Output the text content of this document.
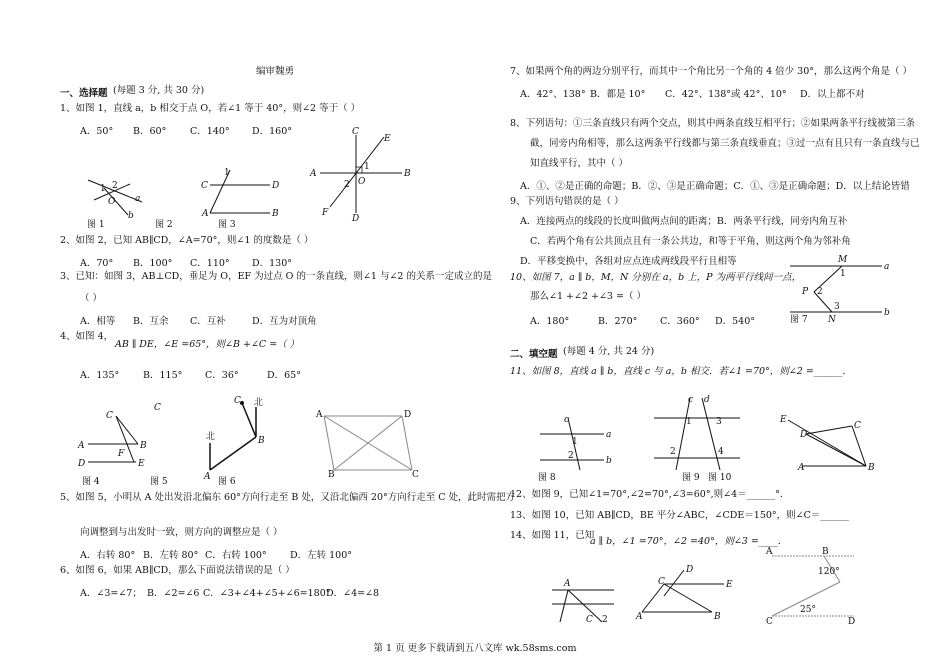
编审魏勇
一、选择题 (每题 3 分, 共 30 分)
1、如图 1，直线 a，b 相交于点 O，若∠1 等于 40°，则∠2 等于（ ）
A．50° B．60° C．140° D．160°
1 2
O a
b
图 1	图 2
1
C	D
A	B
图 3
2、如图 2，已知 AB∥CD，∠A=70°，则∠1 的度数是（ ）
A．70° B．100° C．110° D．130°
C
E
A	B
1
2 O
F
D
3、已知：如图 3，AB⊥CD，垂足为 O，EF 为过点 O 的一条直线，则∠1 与∠2 的关系一定成立的是
（ ）
A．相等 B．互余 C．互补	D．互为对顶角
4、如图 4，
AB ∥ DE，∠E =65°，则∠B +∠C =（ ）
A．135°	B．115° C．36°	D．65°
C
A	B
F
D	E
图 4
C
图 5
北
北
C
B
A 图 6
A	D
B	C
5、如图 5，小明从 A 处出发沿北偏东 60°方向行走至 B 处，又沿北偏西 20°方向行走至 C 处，此时需把方
向调整到与出发时一致，则方向的调整应是（ ）
A．右转 80° B．左转 80° C．右转 100° D．左转 100°
6、如图 6，如果 AB∥CD，那么下面说法错误的是（ ）
A．∠3=∠7； B．∠2=∠6 C．∠3+∠4+∠5+∠6=180°
D．∠4=∠8
7、如果两个角的两边分别平行，而其中一个角比另一个角的 4 倍少 30°，那么这两个角是（ ）
A．42°、138° B．都是 10° C．42°、138°或 42°、10° D．以上都不对
8、下列语句：①三条直线只有两个交点，则其中两条直线互相平行；②如果两条平行线被第三条
截，同旁内角相等，那么这两条平行线都与第三条直线垂直；③过一点有且只有一条直线与已
知直线平行，其中（ ）
A．①、②是正确的命题；B．②、③是正确命题；C．①、③是正确命题；D．以上结论皆错
9、下列语句错误的是（ ）
A．连接两点的线段的长度叫做两点间的距离；B．两条平行线，同旁内角互补
C．若两个角有公共顶点且有一条公共边，和等于平角，则这两个角为邻补角
D．平移变换中，各组对应点连成两线段平行且相等
10、如图 7，a ∥ b，M，N 分别在 a，b 上，P 为两平行线间一点，
那么∠1 +∠2 +∠3 =（ ）
A．180°	B．270° C．360° D．540°
M
a
P
1
2
3
b
N
图 7
二、填空题 (每题 4 分, 共 24 分)
11、如图 8，直线 a ∥ b，直线 c 与 a，b 相交．若∠1 =70°，则∠2 =______．
c
a
b
1
2
图 8
c d
1	3
2	4
图 9 图 10
E
D
C
A	B
12、如图 9，已知∠1=70°,∠2=70°,∠3=60°,则∠4＝______°．
13、如图 10，已知 AB∥CD，BE 平分∠ABC，∠CDE＝150°，则∠C＝______
14、如图 11，已知
a ∥ b，∠1 =70°，∠2 =40°，则∠3 =____．
A
C 2
D
C	E
A	B
A	B
120°
25°
C	D
第 1 页 更多下载请到五八文库 wk.58sms.com
